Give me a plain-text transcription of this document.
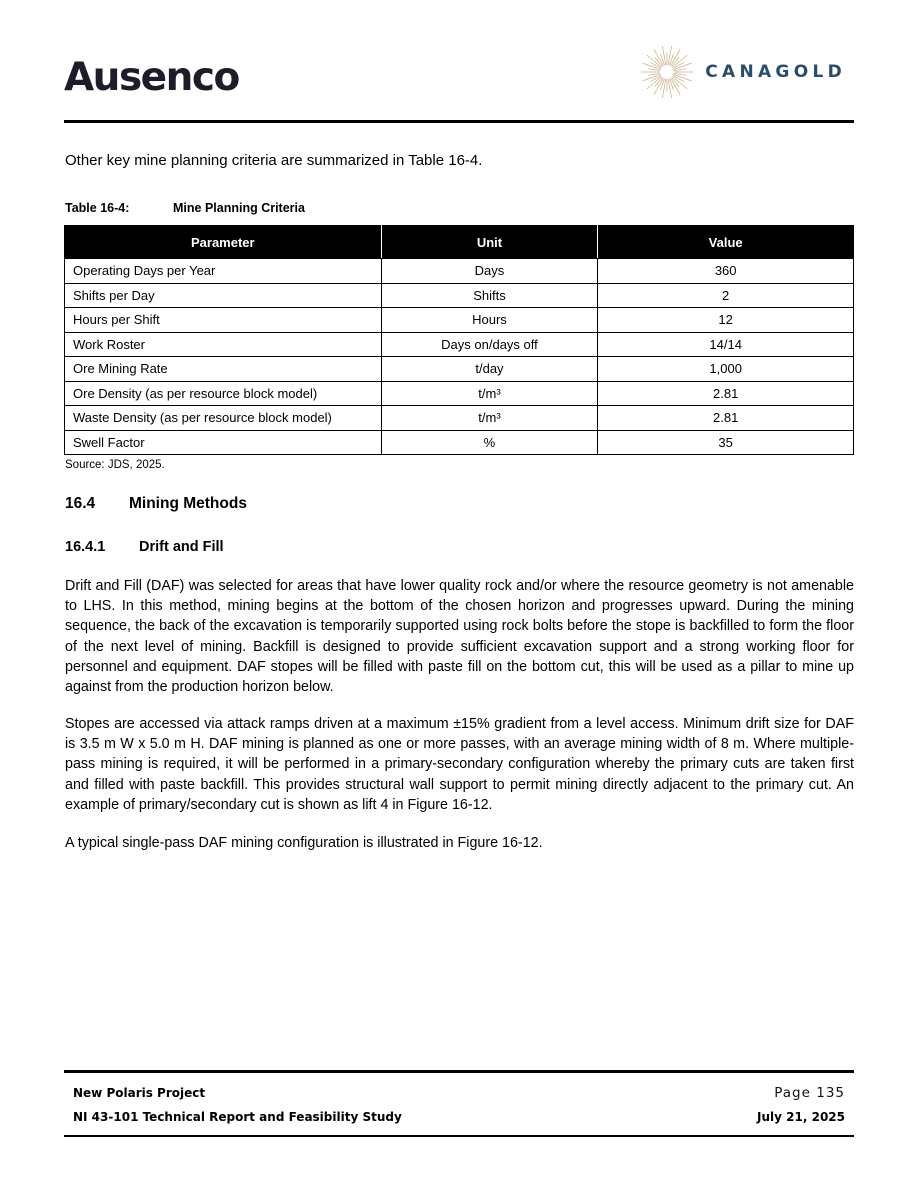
Ausenco	CANAGOLD
Other key mine planning criteria are summarized in Table 16-4.
Table 16-4:	Mine Planning Criteria
Parameter	Unit	Value
Operating Days per Year	Days	360
Shifts per Day	Shifts	2
Hours per Shift	Hours	12
Work Roster	Days on/days off	14/14
Ore Mining Rate	t/day	1,000
Ore Density (as per resource block model)	t/m³	2.81
Waste Density (as per resource block model)	t/m³	2.81
Swell Factor	%	35
Source: JDS, 2025.
16.4 Mining Methods
16.4.1 Drift and Fill
Drift and Fill (DAF) was selected for areas that have lower quality rock and/or where the resource geometry is not amenable to LHS. In this method, mining begins at the bottom of the chosen horizon and progresses upward. During the mining sequence, the back of the excavation is temporarily supported using rock bolts before the stope is backfilled to form the floor of the next level of mining. Backfill is designed to provide sufficient excavation support and a strong working floor for personnel and equipment. DAF stopes will be filled with paste fill on the bottom cut, this will be used as a pillar to mine up against from the production horizon below.
Stopes are accessed via attack ramps driven at a maximum ±15% gradient from a level access. Minimum drift size for DAF is 3.5 m W x 5.0 m H. DAF mining is planned as one or more passes, with an average mining width of 8 m. Where multiple-pass mining is required, it will be performed in a primary-secondary configuration whereby the primary cuts are taken first and filled with paste backfill. This provides structural wall support to permit mining directly adjacent to the primary cut. An example of primary/secondary cut is shown as lift 4 in Figure 16-12.
A typical single-pass DAF mining configuration is illustrated in Figure 16-12.
New Polaris Project
NI 43-101 Technical Report and Feasibility Study
Page 135
July 21, 2025
